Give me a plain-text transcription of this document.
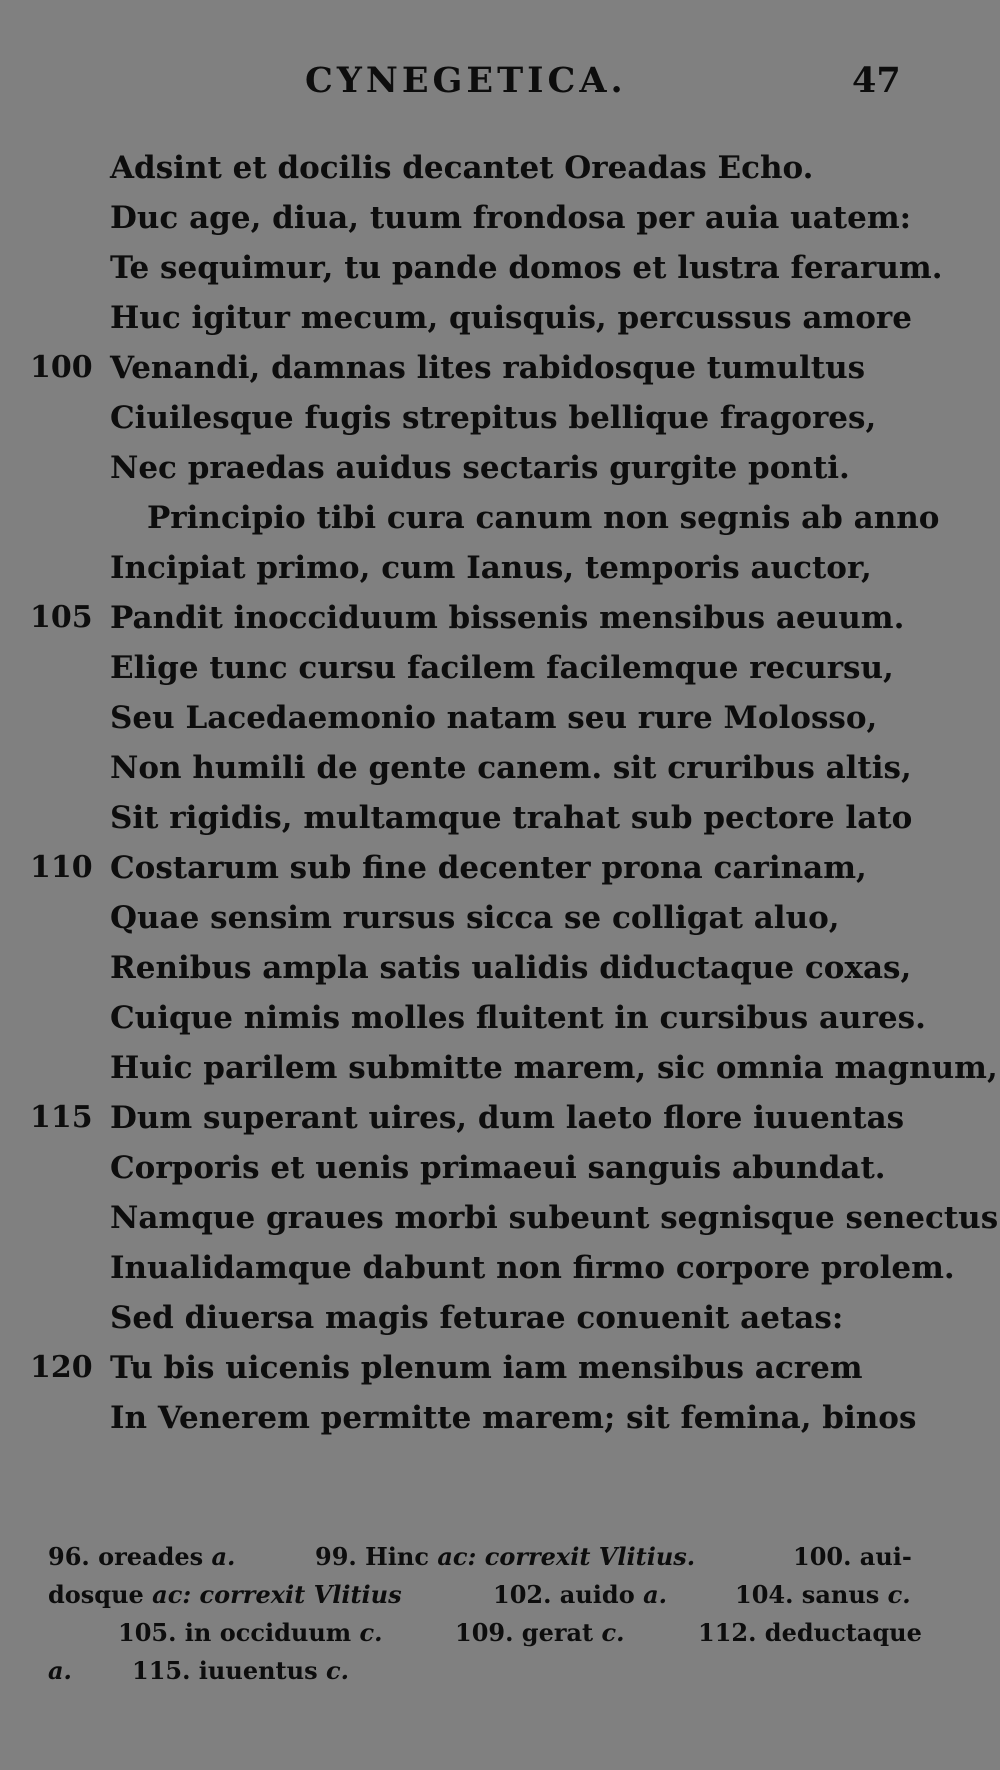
CYNEGETICA.	47
Adsint et docilis decantet Oreadas Echo.
Duc age, diua, tuum frondosa per auia uatem:
Te sequimur, tu pande domos et lustra ferarum.
Huc igitur mecum, quisquis, percussus amore
100 Venandi, damnas lites rabidosque tumultus
Ciuilesque fugis strepitus bellique fragores,
Nec praedas auidus sectaris gurgite ponti.
Principio tibi cura canum non segnis ab anno
Incipiat primo, cum Ianus, temporis auctor,
105 Pandit inocciduum bissenis mensibus aeuum.
Elige tunc cursu facilem facilemque recursu,
Seu Lacedaemonio natam seu rure Molosso,
Non humili de gente canem. sit cruribus altis,
Sit rigidis, multamque trahat sub pectore lato
110 Costarum sub fine decenter prona carinam,
Quae sensim rursus sicca se colligat aluo,
Renibus ampla satis ualidis diductaque coxas,
Cuique nimis molles fluitent in cursibus aures.
Huic parilem submitte marem, sic omnia magnum,
115 Dum superant uires, dum laeto flore iuuentas
Corporis et uenis primaeui sanguis abundat.
Namque graues morbi subeunt segnisque senectus
Inualidamque dabunt non firmo corpore prolem.
Sed diuersa magis feturae conuenit aetas:
120 Tu bis uicenis plenum iam mensibus acrem
In Venerem permitte marem; sit femina, binos
96. oreades a.	99. Hinc ac: correxit Vlitius.	100. aui-
dosque ac: correxit Vlitius	102. auido a.	104. sanus c.
105. in occiduum c.	109. gerat c.	112. deductaque
a.	115. iuuentus c.
